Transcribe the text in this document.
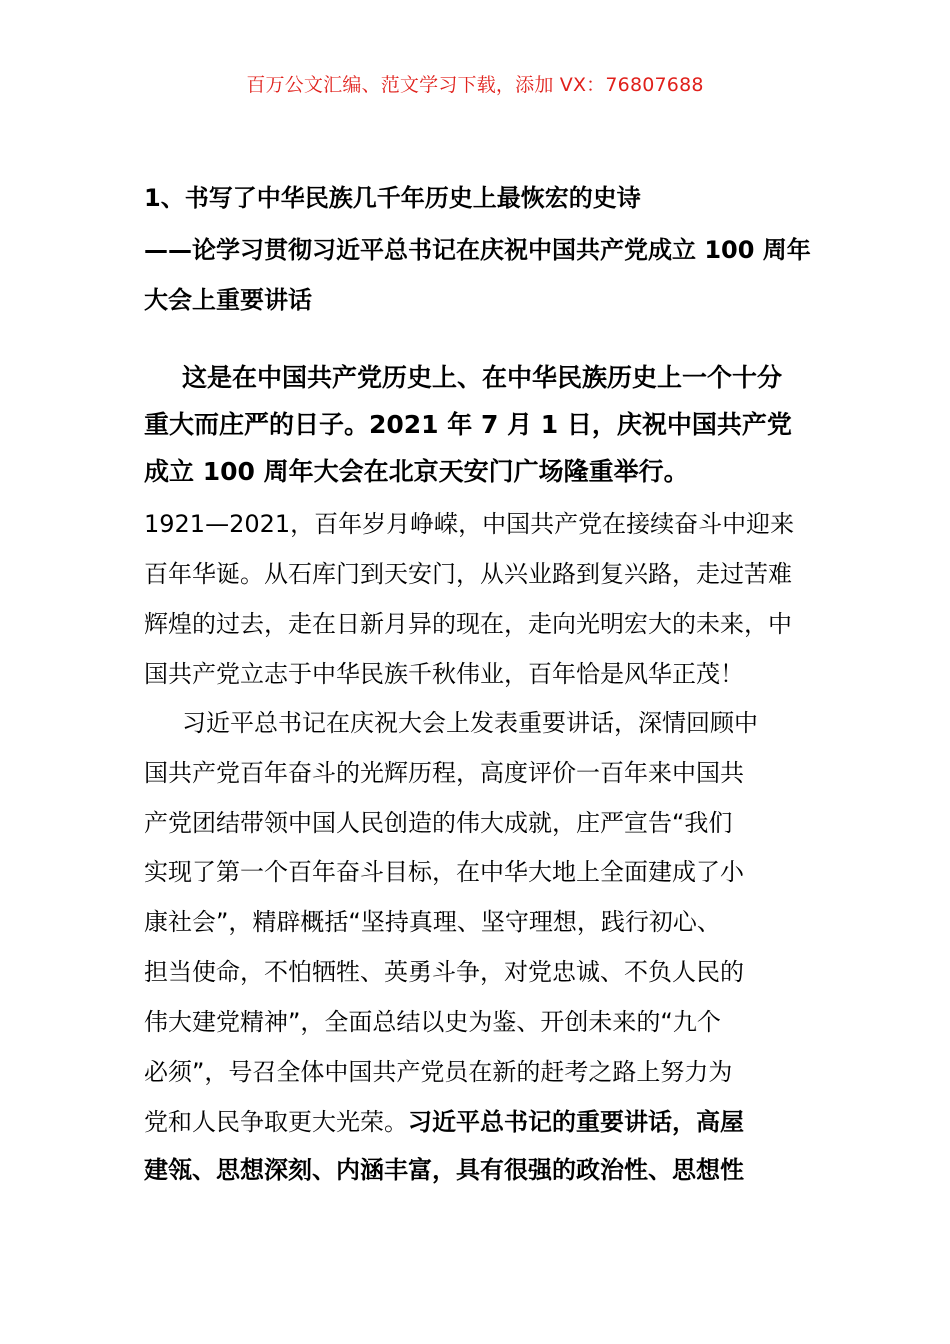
百万公文汇编、范文学习下载，添加 VX：76807688
1、书写了中华民族几千年历史上最恢宏的史诗
——论学习贯彻习近平总书记在庆祝中国共产党成立 100 周年
大会上重要讲话
这是在中国共产党历史上、在中华民族历史上一个十分
重大而庄严的日子。2021 年 7 月 1 日，庆祝中国共产党
成立 100 周年大会在北京天安门广场隆重举行。
1921—2021，百年岁月峥嵘，中国共产党在接续奋斗中迎来
百年华诞。从石库门到天安门，从兴业路到复兴路，走过苦难
辉煌的过去，走在日新月异的现在，走向光明宏大的未来，中
国共产党立志于中华民族千秋伟业，百年恰是风华正茂！
习近平总书记在庆祝大会上发表重要讲话，深情回顾中
国共产党百年奋斗的光辉历程，高度评价一百年来中国共
产党团结带领中国人民创造的伟大成就，庄严宣告“我们
实现了第一个百年奋斗目标，在中华大地上全面建成了小
康社会”，精辟概括“坚持真理、坚守理想，践行初心、
担当使命，不怕牺牲、英勇斗争，对党忠诚、不负人民的
伟大建党精神”，全面总结以史为鉴、开创未来的“九个
必须”，号召全体中国共产党员在新的赶考之路上努力为
党和人民争取更大光荣。习近平总书记的重要讲话，高屋
建瓴、思想深刻、内涵丰富，具有很强的政治性、思想性
